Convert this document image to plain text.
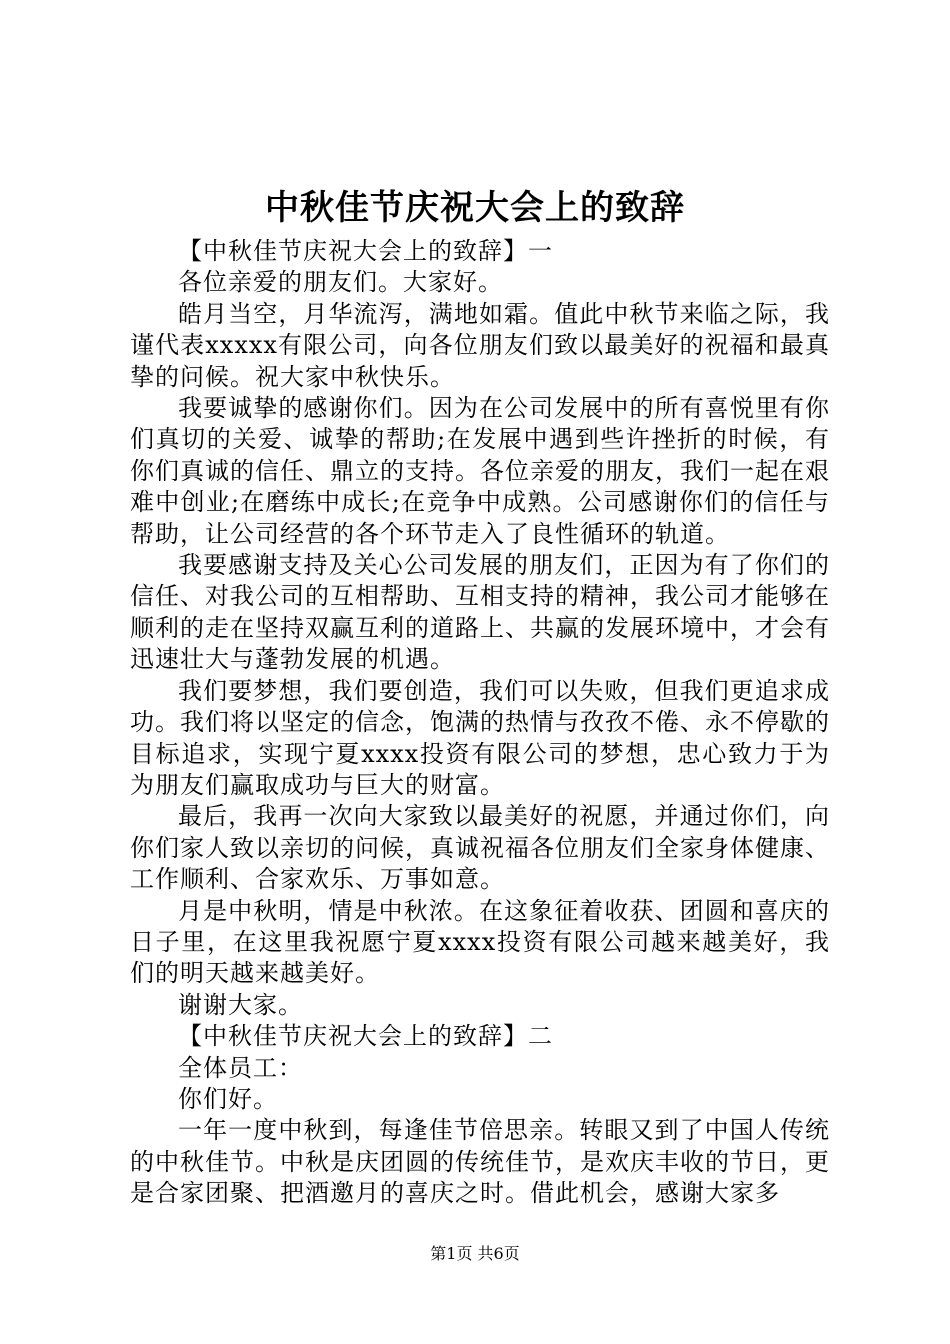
中秋佳节庆祝大会上的致辞

【中秋佳节庆祝大会上的致辞】一

各位亲爱的朋友们。大家好。

皓月当空，月华流泻，满地如霜。值此中秋节来临之际，我谨代表xxxxx有限公司，向各位朋友们致以最美好的祝福和最真挚的问候。祝大家中秋快乐。

我要诚挚的感谢你们。因为在公司发展中的所有喜悦里有你们真切的关爱、诚挚的帮助;在发展中遇到些许挫折的时候，有你们真诚的信任、鼎立的支持。各位亲爱的朋友，我们一起在艰难中创业;在磨练中成长;在竞争中成熟。公司感谢你们的信任与帮助，让公司经营的各个环节走入了良性循环的轨道。

我要感谢支持及关心公司发展的朋友们，正因为有了你们的信任、对我公司的互相帮助、互相支持的精神，我公司才能够在顺利的走在坚持双赢互利的道路上、共赢的发展环境中，才会有迅速壮大与蓬勃发展的机遇。

我们要梦想，我们要创造，我们可以失败，但我们更追求成功。我们将以坚定的信念，饱满的热情与孜孜不倦、永不停歇的目标追求，实现宁夏xxxx投资有限公司的梦想，忠心致力于为为朋友们赢取成功与巨大的财富。

最后，我再一次向大家致以最美好的祝愿，并通过你们，向你们家人致以亲切的问候，真诚祝福各位朋友们全家身体健康、工作顺利、合家欢乐、万事如意。

月是中秋明，情是中秋浓。在这象征着收获、团圆和喜庆的日子里，在这里我祝愿宁夏xxxx投资有限公司越来越美好，我们的明天越来越美好。

谢谢大家。

【中秋佳节庆祝大会上的致辞】二

全体员工：

你们好。

一年一度中秋到，每逢佳节倍思亲。转眼又到了中国人传统的中秋佳节。中秋是庆团圆的传统佳节，是欢庆丰收的节日，更是合家团聚、把酒邀月的喜庆之时。借此机会，感谢大家多

第1页 共6页
